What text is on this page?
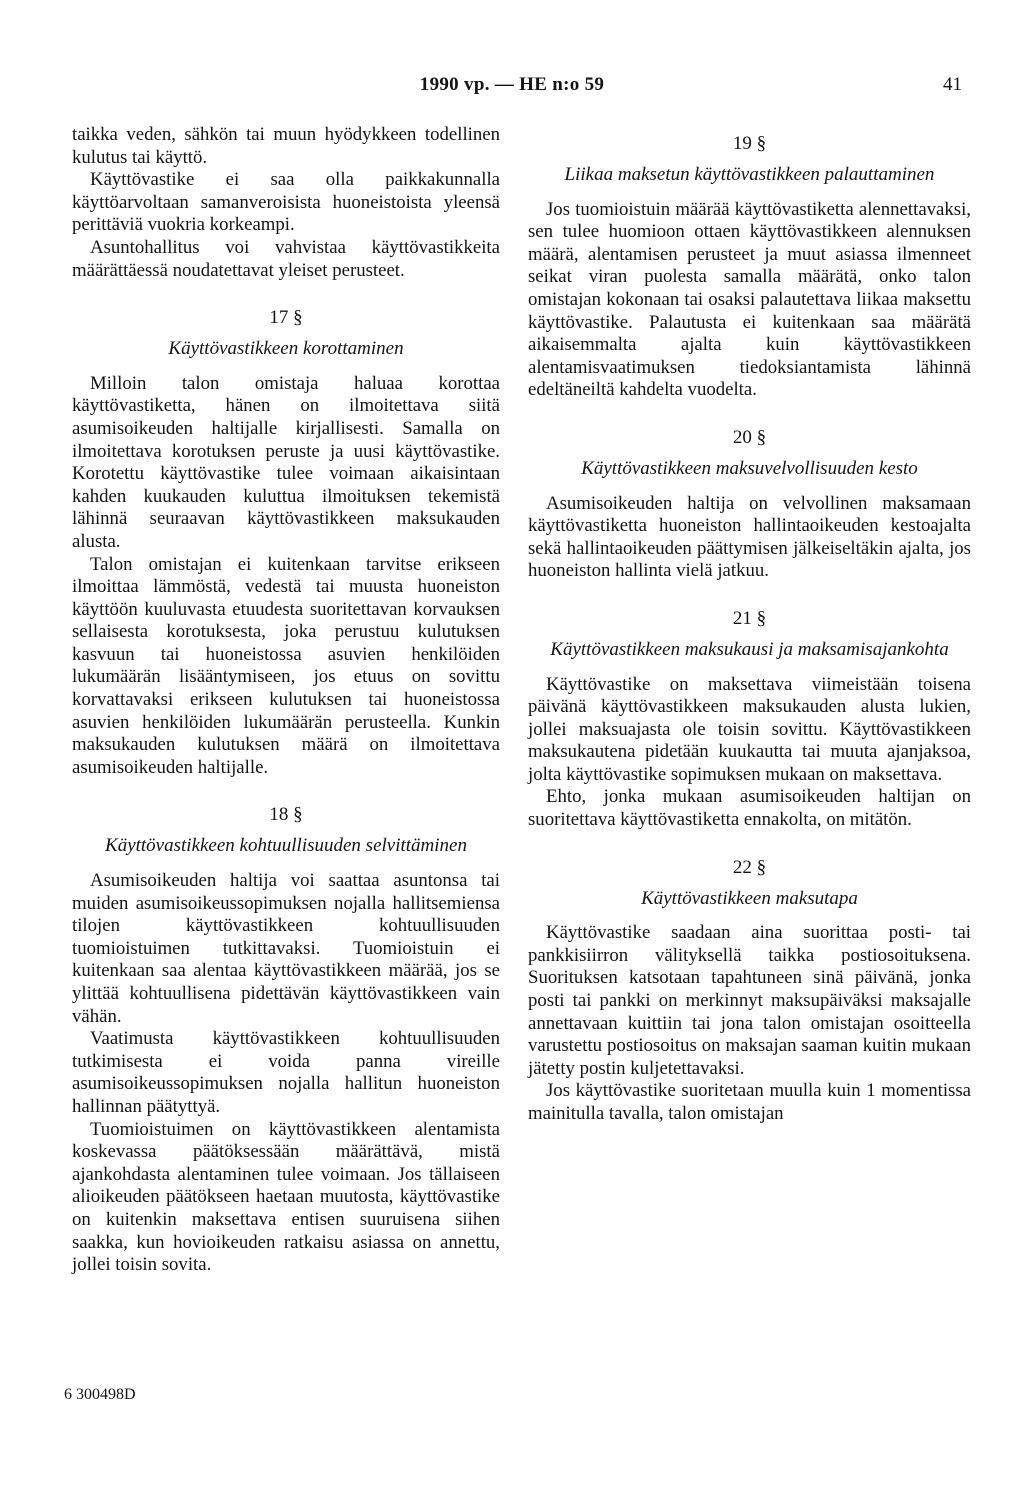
1990 vp. — HE n:o 59	41

taikka veden, sähkön tai muun hyödykkeen todellinen kulutus tai käyttö.

Käyttövastike ei saa olla paikkakunnalla käyttöarvoltaan samanveroisista huoneistoista yleensä perittäviä vuokria korkeampi.

Asuntohallitus voi vahvistaa käyttövastikkeita määrättäessä noudatettavat yleiset perusteet.

17 §
Käyttövastikkeen korottaminen

Milloin talon omistaja haluaa korottaa käyttövastiketta, hänen on ilmoitettava siitä asumisoikeuden haltijalle kirjallisesti. Samalla on ilmoitettava korotuksen peruste ja uusi käyttövastike. Korotettu käyttövastike tulee voimaan aikaisintaan kahden kuukauden kuluttua ilmoituksen tekemistä lähinnä seuraavan käyttövastikkeen maksukauden alusta.

Talon omistajan ei kuitenkaan tarvitse erikseen ilmoittaa lämmöstä, vedestä tai muusta huoneiston käyttöön kuuluvasta etuudesta suoritettavan korvauksen sellaisesta korotuksesta, joka perustuu kulutuksen kasvuun tai huoneistossa asuvien henkilöiden lukumäärän lisääntymiseen, jos etuus on sovittu korvattavaksi erikseen kulutuksen tai huoneistossa asuvien henkilöiden lukumäärän perusteella. Kunkin maksukauden kulutuksen määrä on ilmoitettava asumisoikeuden haltijalle.

18 §
Käyttövastikkeen kohtuullisuuden selvittäminen

Asumisoikeuden haltija voi saattaa asuntonsa tai muiden asumisoikeussopimuksen nojalla hallitsemiensa tilojen käyttövastikkeen kohtuullisuuden tuomioistuimen tutkittavaksi. Tuomioistuin ei kuitenkaan saa alentaa käyttövastikkeen määrää, jos se ylittää kohtuullisena pidettävän käyttövastikkeen vain vähän.

Vaatimusta käyttövastikkeen kohtuullisuuden tutkimisesta ei voida panna vireille asumisoikeussopimuksen nojalla hallitun huoneiston hallinnan päätyttyä.

Tuomioistuimen on käyttövastikkeen alentamista koskevassa päätöksessään määrättävä, mistä ajankohdasta alentaminen tulee voimaan. Jos tällaiseen alioikeuden päätökseen haetaan muutosta, käyttövastike on kuitenkin maksettava entisen suuruisena siihen saakka, kun hovioikeuden ratkaisu asiassa on annettu, jollei toisin sovita.

19 §
Liikaa maksetun käyttövastikkeen palauttaminen

Jos tuomioistuin määrää käyttövastiketta alennettavaksi, sen tulee huomioon ottaen käyttövastikkeen alennuksen määrä, alentamisen perusteet ja muut asiassa ilmenneet seikat viran puolesta samalla määrätä, onko talon omistajan kokonaan tai osaksi palautettava liikaa maksettu käyttövastike. Palautusta ei kuitenkaan saa määrätä aikaisemmalta ajalta kuin käyttövastikkeen alentamisvaatimuksen tiedoksiantamista lähinnä edeltäneiltä kahdelta vuodelta.

20 §
Käyttövastikkeen maksuvelvollisuuden kesto

Asumisoikeuden haltija on velvollinen maksamaan käyttövastiketta huoneiston hallintaoikeuden kestoajalta sekä hallintaoikeuden päättymisen jälkeiseltäkin ajalta, jos huoneiston hallinta vielä jatkuu.

21 §
Käyttövastikkeen maksukausi ja maksamisajankohta

Käyttövastike on maksettava viimeistään toisena päivänä käyttövastikkeen maksukauden alusta lukien, jollei maksuajasta ole toisin sovittu. Käyttövastikkeen maksukautena pidetään kuukautta tai muuta ajanjaksoa, jolta käyttövastike sopimuksen mukaan on maksettava.

Ehto, jonka mukaan asumisoikeuden haltijan on suoritettava käyttövastiketta ennakolta, on mitätön.

22 §
Käyttövastikkeen maksutapa

Käyttövastike saadaan aina suorittaa posti- tai pankkisiirron välityksellä taikka postiosoituksena. Suorituksen katsotaan tapahtuneen sinä päivänä, jonka posti tai pankki on merkinnyt maksupäiväksi maksajalle annettavaan kuittiin tai jona talon omistajan osoitteella varustettu postiosoitus on maksajan saaman kuitin mukaan jätetty postin kuljetettavaksi.

Jos käyttövastike suoritetaan muulla kuin 1 momentissa mainitulla tavalla, talon omistajan

6 300498D
